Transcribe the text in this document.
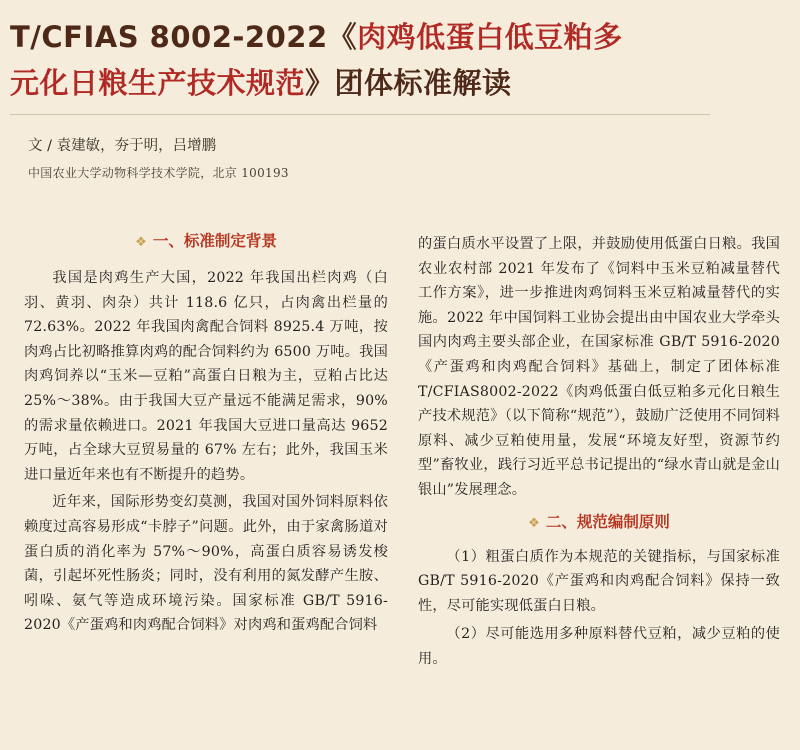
T/CFIAS 8002-2022《肉鸡低蛋白低豆粕多
元化日粮生产技术规范》团体标准解读
文 / 袁建敏，夯于明，吕增鹏
中国农业大学动物科学技术学院，北京 100193
❖ 一、标准制定背景

我国是肉鸡生产大国，2022 年我国出栏肉鸡（白羽、黄羽、肉杂）共计 118.6 亿只，占肉禽出栏量的 72.63%。2022 年我国肉禽配合饲料 8925.4 万吨，按肉鸡占比初略推算肉鸡的配合饲料约为 6500 万吨。我国肉鸡饲养以“玉米—豆粕”高蛋白日粮为主，豆粕占比达 25%～38%。由于我国大豆产量远不能满足需求，90% 的需求量依赖进口。2021 年我国大豆进口量高达 9652 万吨，占全球大豆贸易量的 67% 左右；此外，我国玉米进口量近年来也有不断提升的趋势。

近年来，国际形势变幻莫测，我国对国外饲料原料依赖度过高容易形成“卡脖子”问题。此外，由于家禽肠道对蛋白质的消化率为 57%～90%，高蛋白质容易诱发梭菌，引起坏死性肠炎；同时，没有利用的氮发酵产生胺、吲哚、氨气等造成环境污染。国家标准 GB/T 5916-2020《产蛋鸡和肉鸡配合饲料》对肉鸡和蛋鸡配合饲料

的蛋白质水平设置了上限，并鼓励使用低蛋白日粮。我国农业农村部 2021 年发布了《饲料中玉米豆粕减量替代工作方案》，进一步推进肉鸡饲料玉米豆粕减量替代的实施。2022 年中国饲料工业协会提出由中国农业大学牵头国内肉鸡主要头部企业，在国家标准 GB/T 5916-2020《产蛋鸡和肉鸡配合饲料》基础上，制定了团体标准 T/CFIAS8002-2022《肉鸡低蛋白低豆粕多元化日粮生产技术规范》（以下简称“规范”），鼓励广泛使用不同饲料原料、减少豆粕使用量，发展“环境友好型，资源节约型”畜牧业，践行习近平总书记提出的“绿水青山就是金山银山”发展理念。

❖ 二、规范编制原则

（1）粗蛋白质作为本规范的关键指标，与国家标准 GB/T 5916-2020《产蛋鸡和肉鸡配合饲料》保持一致性，尽可能实现低蛋白日粮。

（2）尽可能选用多种原料替代豆粕，减少豆粕的使用。
